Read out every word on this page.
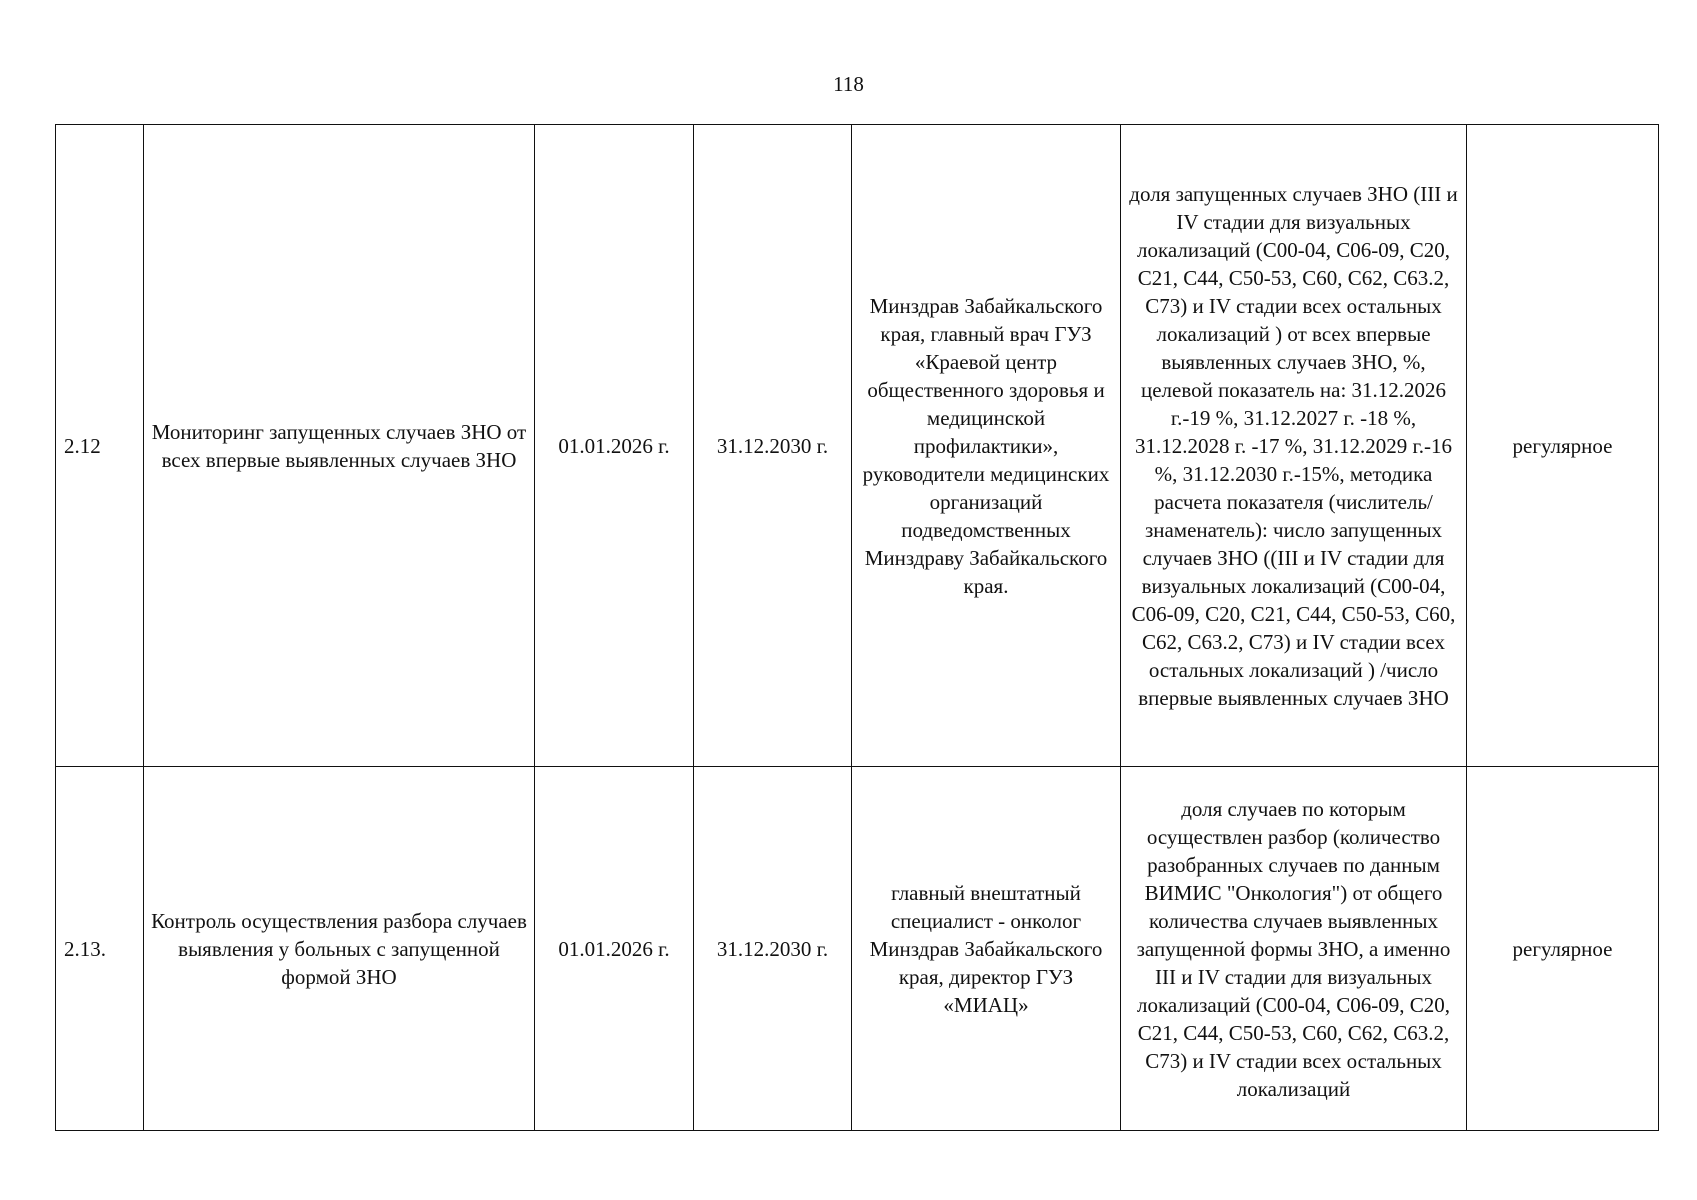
118
2.12	Мониторинг запущенных случаев ЗНО от всех впервые выявленных случаев ЗНО	01.01.2026 г.	31.12.2030 г.	Минздрав Забайкальского края, главный врач ГУЗ «Краевой центр общественного здоровья и медицинской профилактики», руководители медицинских организаций подведомственных Минздраву Забайкальского края.	доля запущенных случаев ЗНО (III и IV стадии для визуальных локализаций (С00-04, С06-09, С20, С21, С44, С50-53, С60, С62, С63.2, С73) и IV стадии всех остальных локализаций ) от всех впервые выявленных случаев ЗНО, %, целевой показатель на: 31.12.2026 г.-19 %, 31.12.2027 г. -18 %, 31.12.2028 г. -17 %, 31.12.2029 г.-16 %, 31.12.2030 г.-15%, методика расчета показателя (числитель/знаменатель): число запущенных случаев ЗНО ((III и IV стадии для визуальных локализаций (С00-04, С06-09, С20, С21, С44, С50-53, С60, С62, С63.2, С73) и IV стадии всех остальных локализаций ) /число впервые выявленных случаев ЗНО	регулярное
2.13.	Контроль осуществления разбора случаев выявления у больных с запущенной формой ЗНО	01.01.2026 г.	31.12.2030 г.	главный внештатный специалист - онколог Минздрав Забайкальского края, директор ГУЗ «МИАЦ»	доля случаев по которым осуществлен разбор (количество разобранных случаев по данным ВИМИС "Онкология") от общего количества случаев выявленных запущенной формы ЗНО, а именно III и IV стадии для визуальных локализаций (С00-04, С06-09, С20, С21, С44, С50-53, С60, С62, С63.2, С73) и IV стадии всех остальных локализаций	регулярное
